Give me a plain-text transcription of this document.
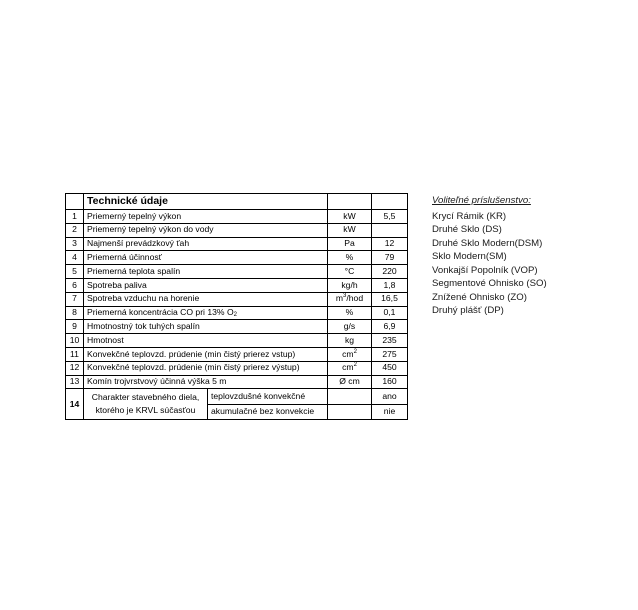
	Technické údaje			
1	Priemerný tepelný výkon		kW	5,5
2	Priemerný tepelný výkon do vody		kW	
3	Najmenší prevádzkový ťah		Pa	12
4	Priemerná účinnosť		%	79
5	Priemerná teplota spalín		°C	220
6	Spotreba paliva		kg/h	1,8
7	Spotreba vzduchu na horenie		$m^3$/hod	16,5
8	Priemerná koncentrácia CO pri 13% $O_2$		%	0,1
9	Hmotnostný tok tuhých spalín		g/s	6,9
10	Hmotnost		kg	235
11	Konvekčné teplovzd. prúdenie (min čistý prierez vstup)		$cm^2$	275
12	Konvekčné teplovzd. prúdenie (min čistý prierez výstup)		$cm^2$	450
13	Komín trojvrstvový účinná výška 5 m		Ø cm	160
14	Charakter stavebného diela,
ktorého je KRVL súčasťou	teplovzdušné konvekčné		ano
		akumulačné bez konvekcie		nie
Voliteľné príslušenstvo:
Krycí Rámik (KR)
Druhé Sklo (DS)
Druhé Sklo Modern(DSM)
Sklo Modern(SM)
Vonkajší Popolník (VOP)
Segmentové Ohnisko (SO)
Znížené Ohnisko (ZO)
Druhý plášť (DP)
